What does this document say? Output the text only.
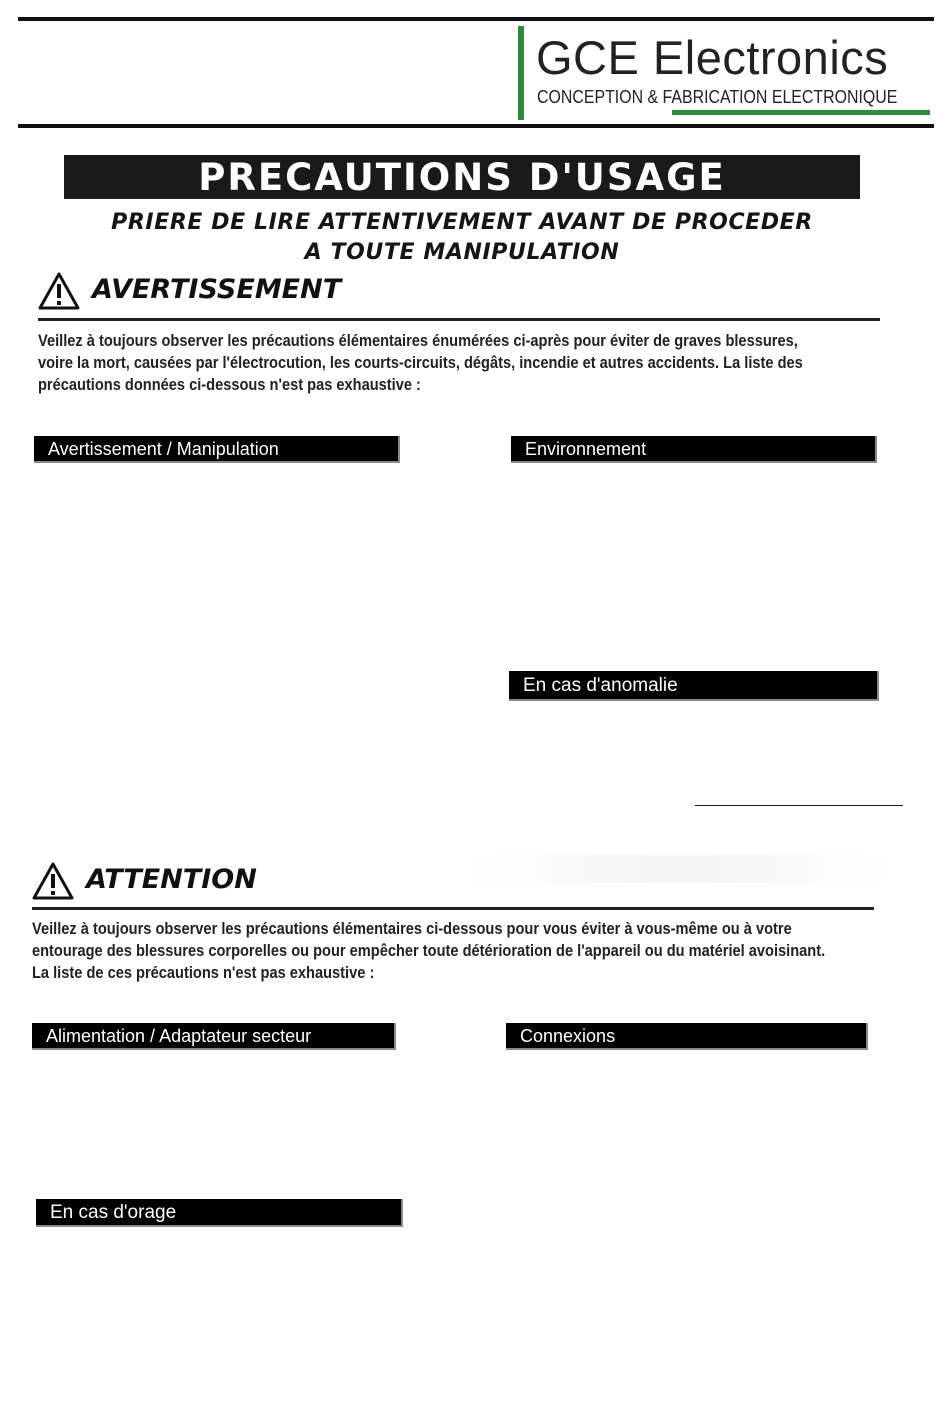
GCE Electronics
CONCEPTION & FABRICATION ELECTRONIQUE
PRECAUTIONS D'USAGE
PRIERE DE LIRE ATTENTIVEMENT AVANT DE PROCEDER
A TOUTE MANIPULATION
AVERTISSEMENT
Veillez à toujours observer les précautions élémentaires énumérées ci-après pour éviter de graves blessures,
voire la mort, causées par l'électrocution, les courts-circuits, dégâts, incendie et autres accidents. La liste des
précautions données ci-dessous n'est pas exhaustive :
Avertissement / Manipulation	Environnement
En cas d'anomalie
ATTENTION
Veillez à toujours observer les précautions élémentaires ci-dessous pour vous éviter à vous-même ou à votre
entourage des blessures corporelles ou pour empêcher toute détérioration de l'appareil ou du matériel avoisinant.
La liste de ces précautions n'est pas exhaustive :
Alimentation / Adaptateur secteur	Connexions
En cas d'orage
